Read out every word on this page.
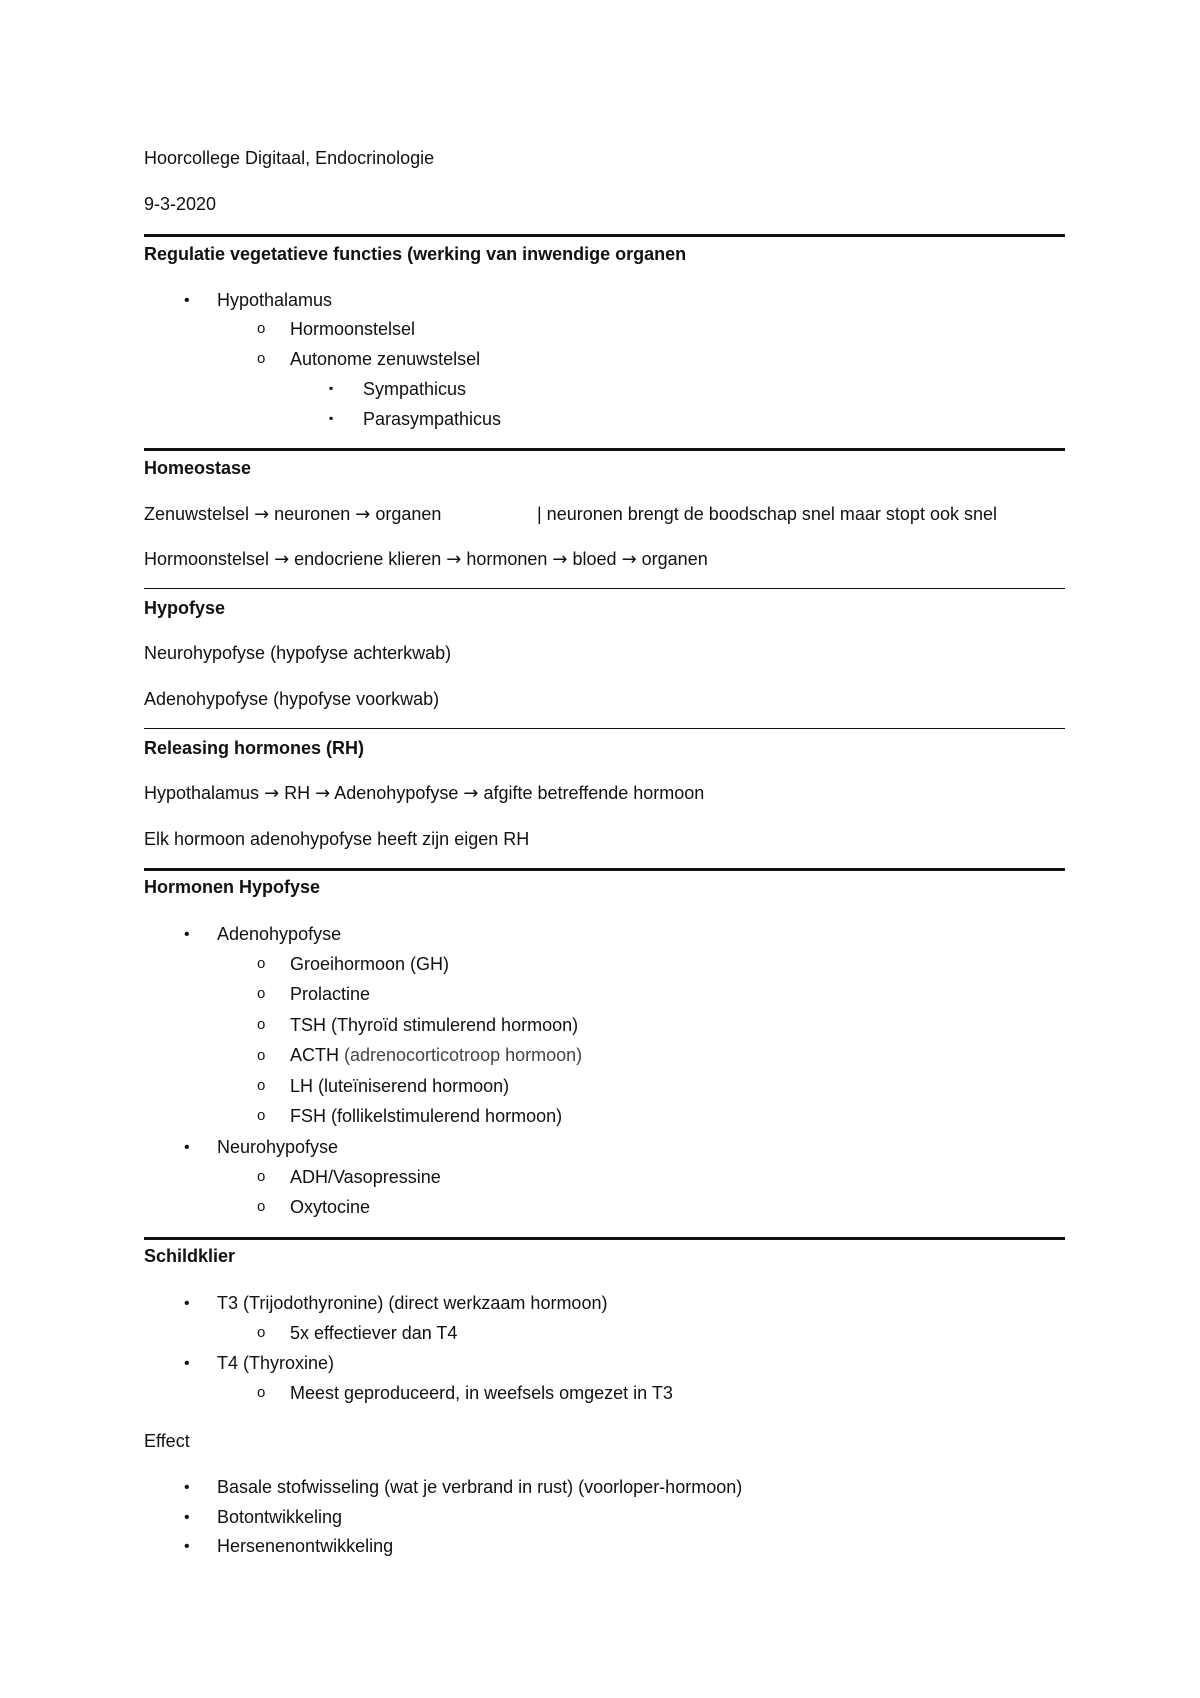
Hoorcollege Digitaal, Endocrinologie
9-3-2020
Regulatie vegetatieve functies (werking van inwendige organen
• Hypothalamus
o Hormoonstelsel
o Autonome zenuwstelsel
▪ Sympathicus
▪ Parasympathicus
Homeostase
Zenuwstelsel → neuronen → organen	| neuronen brengt de boodschap snel maar stopt ook snel
Hormoonstelsel → endocriene klieren → hormonen → bloed → organen
Hypofyse
Neurohypofyse (hypofyse achterkwab)
Adenohypofyse (hypofyse voorkwab)
Releasing hormones (RH)
Hypothalamus → RH → Adenohypofyse → afgifte betreffende hormoon
Elk hormoon adenohypofyse heeft zijn eigen RH
Hormonen Hypofyse
• Adenohypofyse
o Groeihormoon (GH)
o Prolactine
o TSH (Thyroïd stimulerend hormoon)
o ACTH (adrenocorticotroop hormoon)
o LH (luteïniserend hormoon)
o FSH (follikelstimulerend hormoon)
• Neurohypofyse
o ADH/Vasopressine
o Oxytocine
Schildklier
• T3 (Trijodothyronine) (direct werkzaam hormoon)
o 5x effectiever dan T4
• T4 (Thyroxine)
o Meest geproduceerd, in weefsels omgezet in T3
Effect
• Basale stofwisseling (wat je verbrand in rust) (voorloper-hormoon)
• Botontwikkeling
• Hersenenontwikkeling
